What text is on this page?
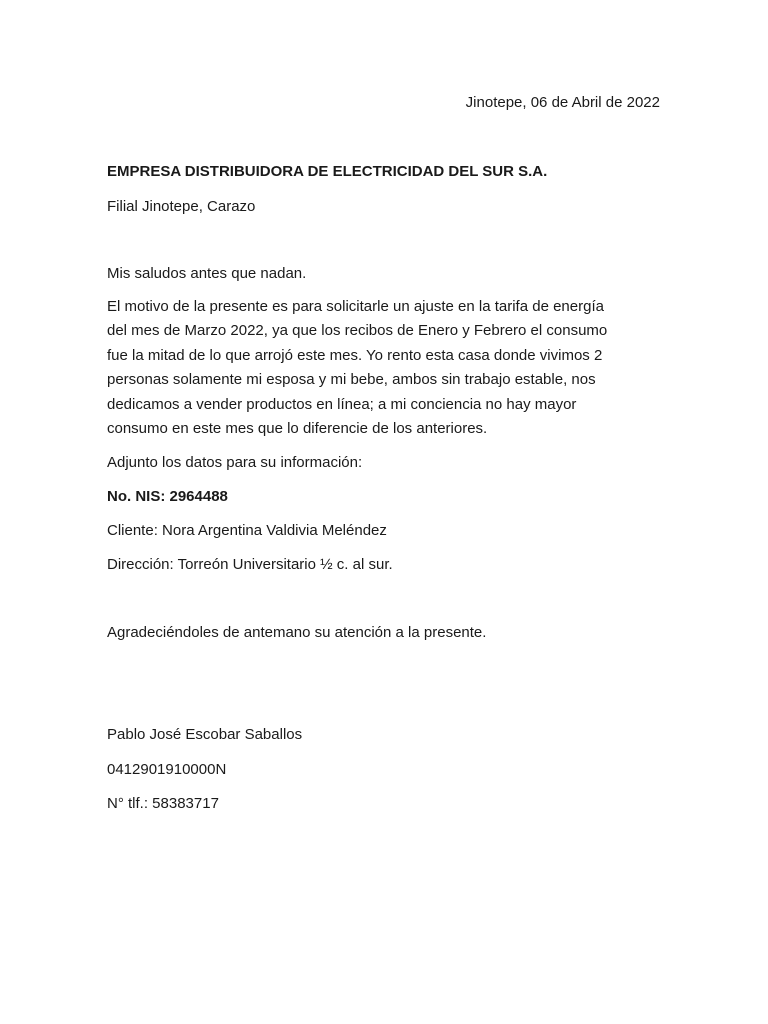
Jinotepe, 06 de Abril de 2022
EMPRESA DISTRIBUIDORA DE ELECTRICIDAD DEL SUR S.A.
Filial Jinotepe, Carazo
Mis saludos antes que nadan.
El motivo de la presente es para solicitarle un ajuste en la tarifa de energía
del mes de Marzo 2022, ya que los recibos de Enero y Febrero el consumo
fue la mitad de lo que arrojó este mes. Yo rento esta casa donde vivimos 2
personas solamente mi esposa y mi bebe, ambos sin trabajo estable, nos
dedicamos a vender productos en línea; a mi conciencia no hay mayor
consumo en este mes que lo diferencie de los anteriores.
Adjunto los datos para su información:
No. NIS: 2964488
Cliente: Nora Argentina Valdivia Meléndez
Dirección: Torreón Universitario ½ c. al sur.
Agradeciéndoles de antemano su atención a la presente.
Pablo José Escobar Saballos
0412901910000N
N° tlf.: 58383717
